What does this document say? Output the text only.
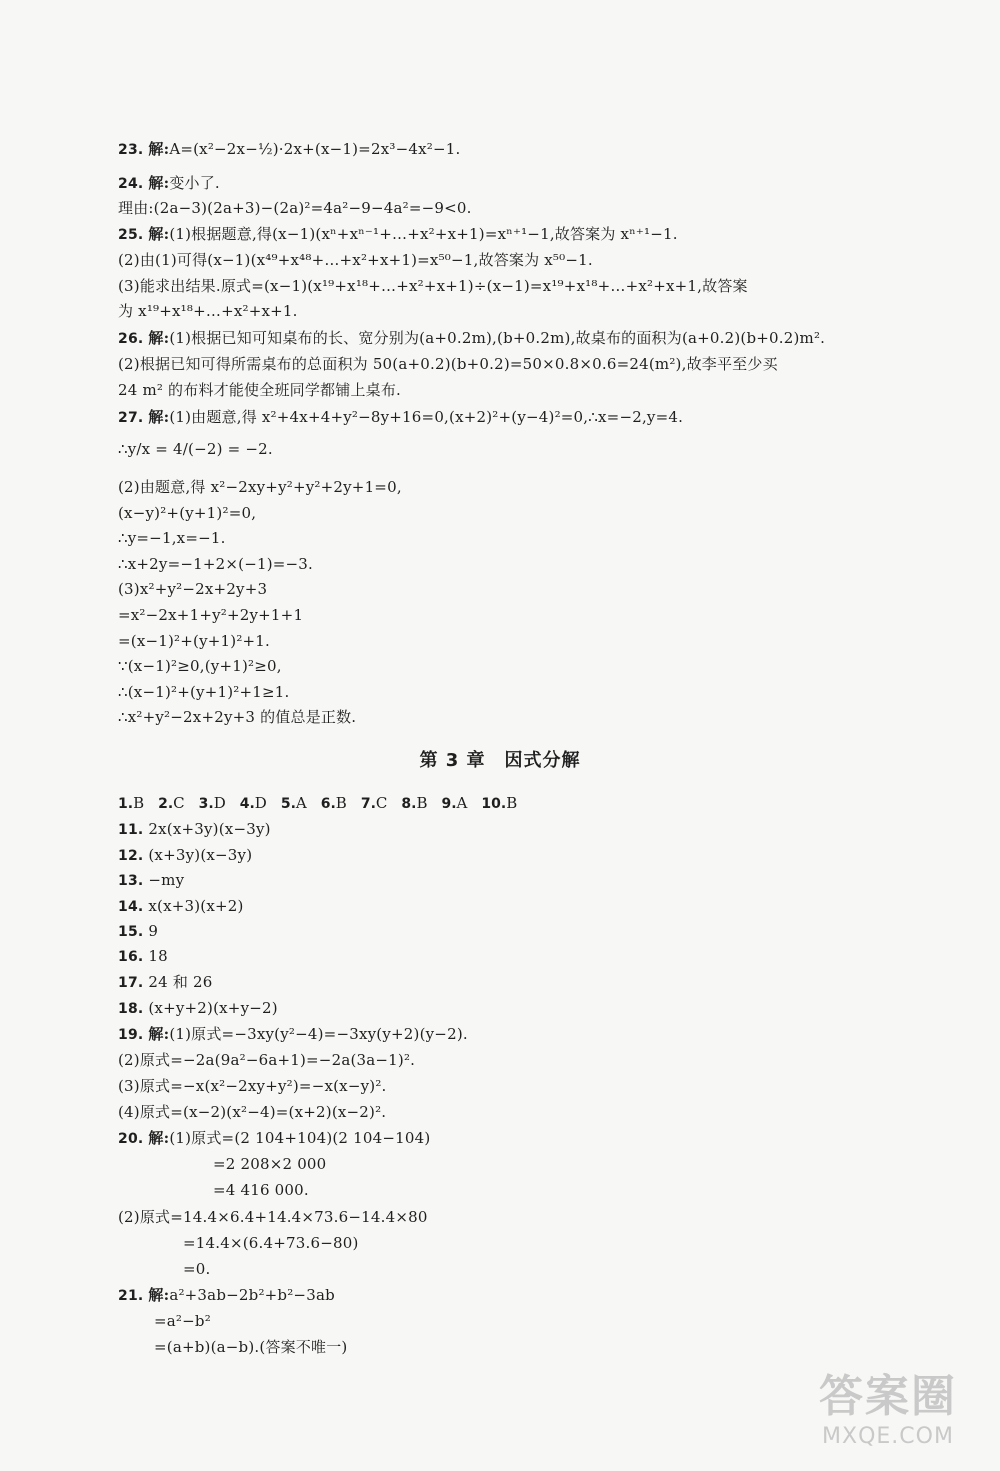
23. 解:A=(x²−2x−½)·2x+(x−1)=2x³−4x²−1.
24. 解:变小了.
理由:(2a−3)(2a+3)−(2a)²=4a²−9−4a²=−9<0.
25. 解:(1)根据题意,得(x−1)(xⁿ+xⁿ⁻¹+…+x²+x+1)=xⁿ⁺¹−1,故答案为 xⁿ⁺¹−1.
(2)由(1)可得(x−1)(x⁴⁹+x⁴⁸+…+x²+x+1)=x⁵⁰−1,故答案为 x⁵⁰−1.
(3)能求出结果.原式=(x−1)(x¹⁹+x¹⁸+…+x²+x+1)÷(x−1)=x¹⁹+x¹⁸+…+x²+x+1,故答案
为 x¹⁹+x¹⁸+…+x²+x+1.
26. 解:(1)根据已知可知桌布的长、宽分别为(a+0.2m),(b+0.2m),故桌布的面积为(a+0.2)(b+0.2)m².
(2)根据已知可得所需桌布的总面积为 50(a+0.2)(b+0.2)=50×0.8×0.6=24(m²),故李平至少买
24 m² 的布料才能使全班同学都铺上桌布.
27. 解:(1)由题意,得 x²+4x+4+y²−8y+16=0,(x+2)²+(y−4)²=0,∴x=−2,y=4.
∴y/x = 4/(−2) = −2.
(2)由题意,得 x²−2xy+y²+y²+2y+1=0,
(x−y)²+(y+1)²=0,
∴y=−1,x=−1.
∴x+2y=−1+2×(−1)=−3.
(3)x²+y²−2x+2y+3
=x²−2x+1+y²+2y+1+1
=(x−1)²+(y+1)²+1.
∵(x−1)²≥0,(y+1)²≥0,
∴(x−1)²+(y+1)²+1≥1.
∴x²+y²−2x+2y+3 的值总是正数.
第 3 章　因式分解
1.B 2.C 3.D 4.D 5.A 6.B 7.C 8.B 9.A 10.B
11. 2x(x+3y)(x−3y)
12. (x+3y)(x−3y)
13. −my
14. x(x+3)(x+2)
15. 9
16. 18
17. 24 和 26
18. (x+y+2)(x+y−2)
19. 解:(1)原式=−3xy(y²−4)=−3xy(y+2)(y−2).
(2)原式=−2a(9a²−6a+1)=−2a(3a−1)².
(3)原式=−x(x²−2xy+y²)=−x(x−y)².
(4)原式=(x−2)(x²−4)=(x+2)(x−2)².
20. 解:(1)原式=(2 104+104)(2 104−104)
=2 208×2 000
=4 416 000.
(2)原式=14.4×6.4+14.4×73.6−14.4×80
=14.4×(6.4+73.6−80)
=0.
21. 解:a²+3ab−2b²+b²−3ab
=a²−b²
=(a+b)(a−b).(答案不唯一)
答案圈
MXQE.COM
